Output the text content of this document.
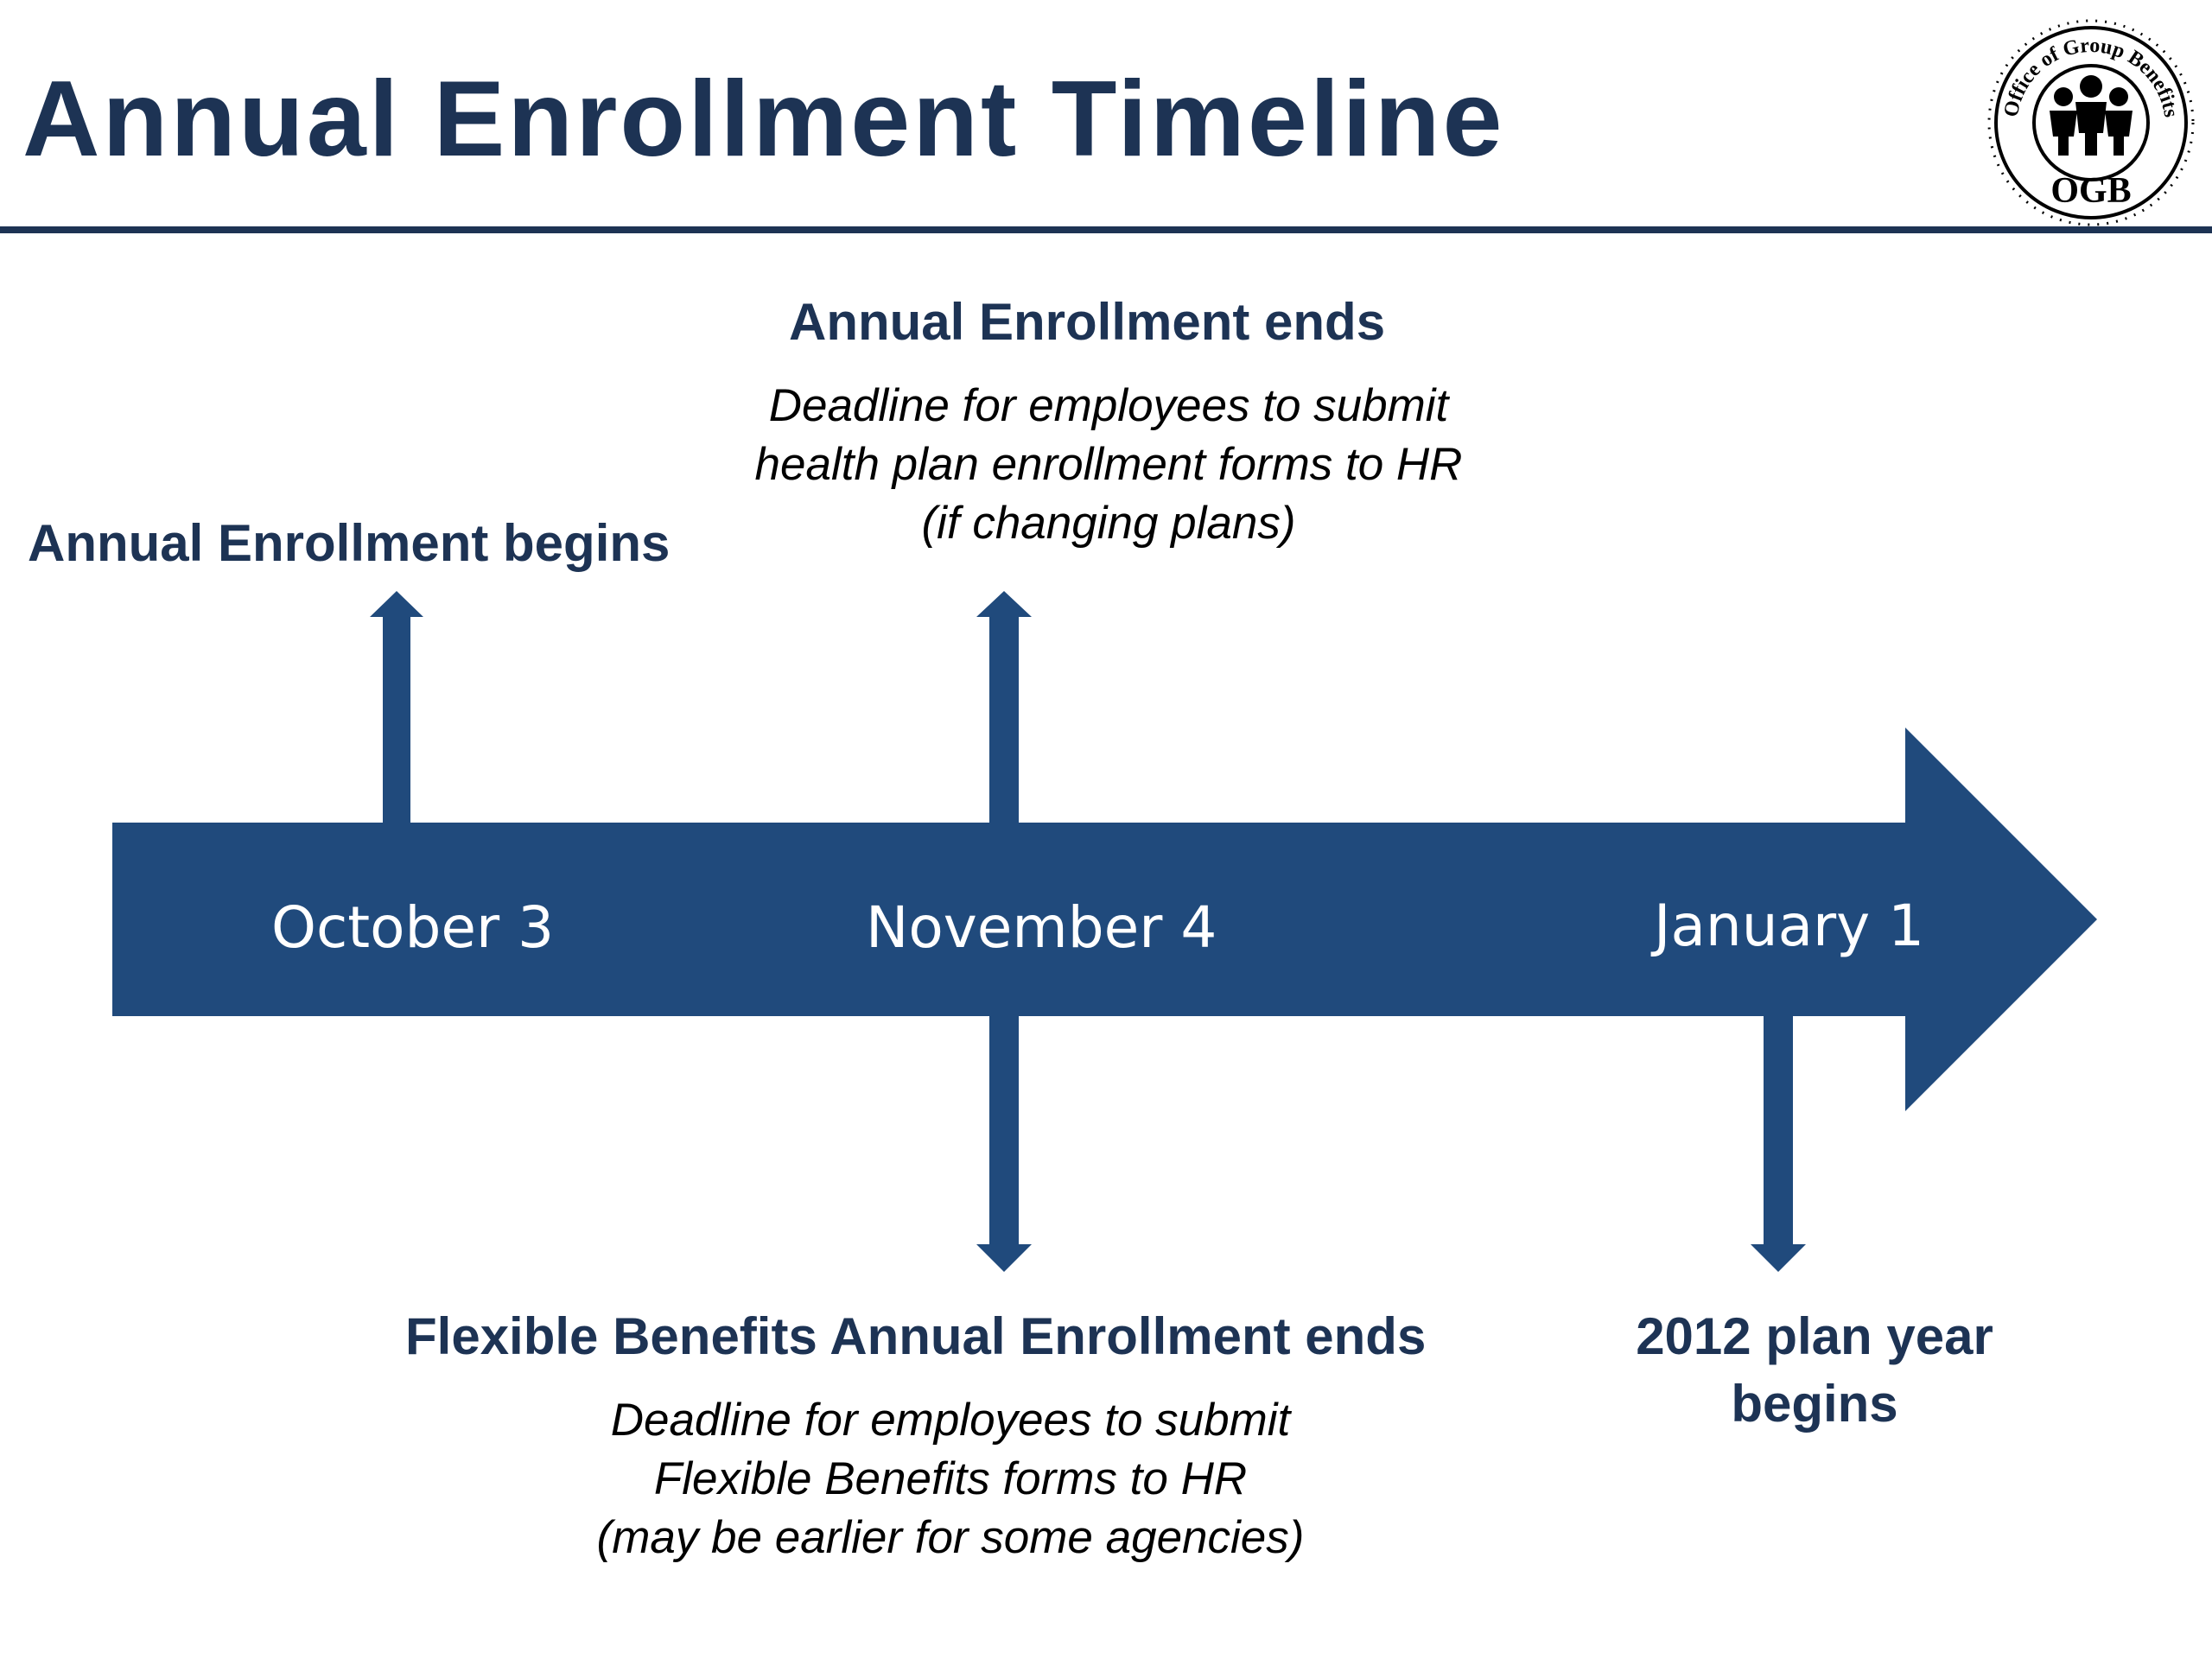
Annual Enrollment Timeline	Office of Group Benefits
OGB
October 3	November 4	January 1
Annual Enrollment begins
Annual Enrollment ends
Deadline for employees to submit
health plan enrollment forms to HR
(if changing plans)
Flexible Benefits Annual Enrollment ends
Deadline for employees to submit
Flexible Benefits forms to HR
(may be earlier for some agencies)
2012 plan year
begins
